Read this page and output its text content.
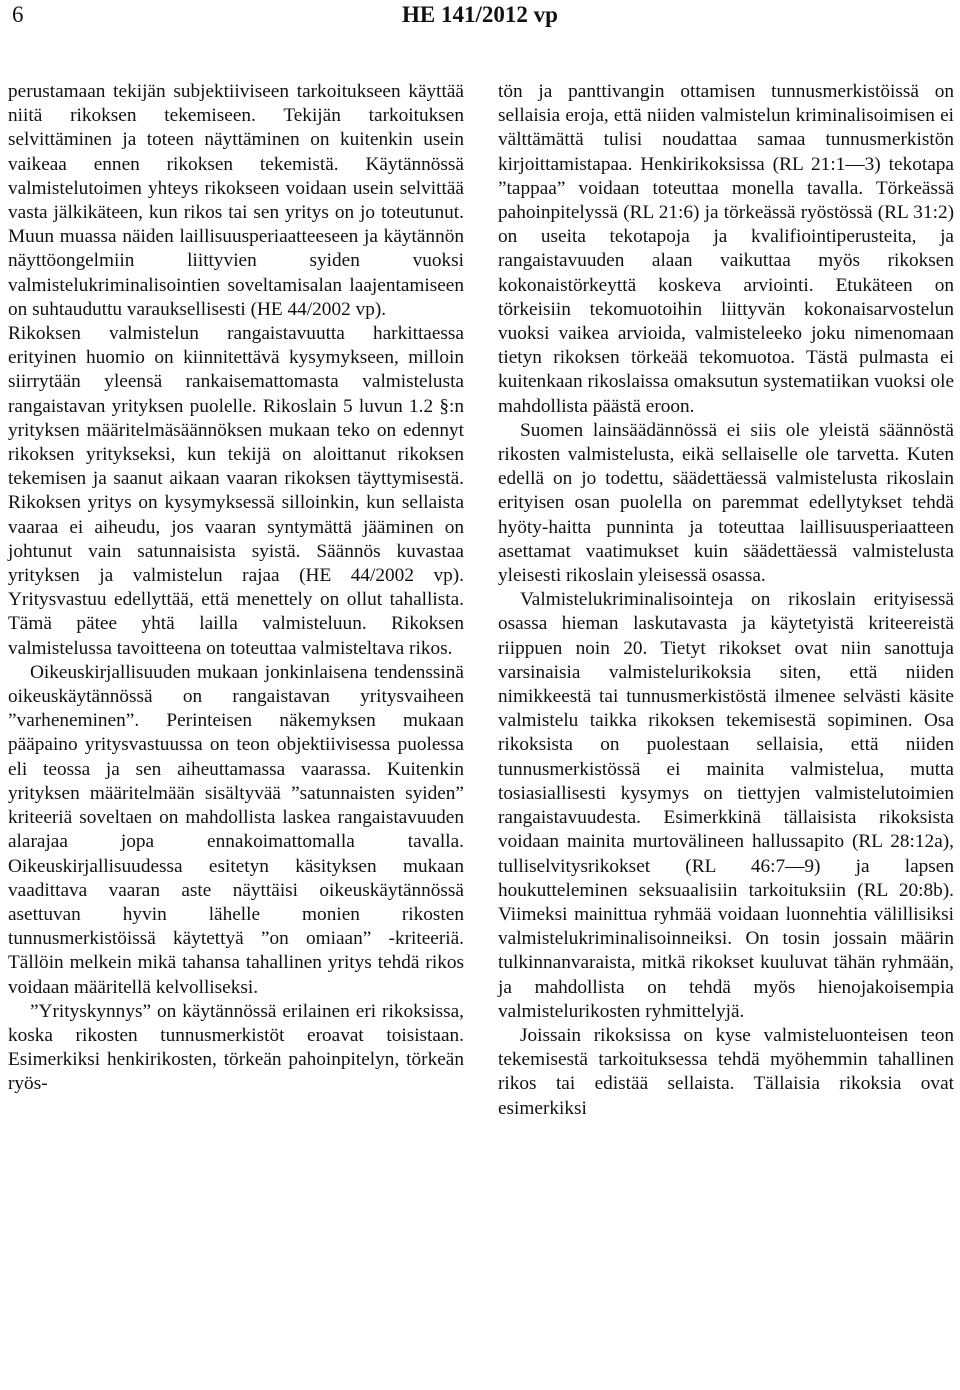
6	HE 141/2012 vp

perustamaan tekijän subjektiiviseen tarkoitukseen käyttää niitä rikoksen tekemiseen. Tekijän tarkoituksen selvittäminen ja toteen näyttäminen on kuitenkin usein vaikeaa ennen rikoksen tekemistä. Käytännössä valmistelutoimen yhteys rikokseen voidaan usein selvittää vasta jälkikäteen, kun rikos tai sen yritys on jo toteutunut. Muun muassa näiden laillisuusperiaatteeseen ja käytännön näyttöongelmiin liittyvien syiden vuoksi valmistelukriminalisointien soveltamisalan laajentamiseen on suhtauduttu varauksellisesti (HE 44/2002 vp).

Rikoksen valmistelun rangaistavuutta harkittaessa erityinen huomio on kiinnitettävä kysymykseen, milloin siirrytään yleensä rankaisemattomasta valmistelusta rangaistavan yrityksen puolelle. Rikoslain 5 luvun 1.2 §:n yrityksen määritelmäsäännöksen mukaan teko on edennyt rikoksen yritykseksi, kun tekijä on aloittanut rikoksen tekemisen ja saanut aikaan vaaran rikoksen täyttymisestä. Rikoksen yritys on kysymyksessä silloinkin, kun sellaista vaaraa ei aiheudu, jos vaaran syntymättä jääminen on johtunut vain satunnaisista syistä. Säännös kuvastaa yrityksen ja valmistelun rajaa (HE 44/2002 vp). Yritysvastuu edellyttää, että menettely on ollut tahallista. Tämä pätee yhtä lailla valmisteluun. Rikoksen valmistelussa tavoitteena on toteuttaa valmisteltava rikos.

Oikeuskirjallisuuden mukaan jonkinlaisena tendenssinä oikeuskäytännössä on rangaistavan yritysvaiheen ”varheneminen”. Perinteisen näkemyksen mukaan pääpaino yritysvastuussa on teon objektiivisessa puolessa eli teossa ja sen aiheuttamassa vaarassa. Kuitenkin yrityksen määritelmään sisältyvää ”satunnaisten syiden” kriteeriä soveltaen on mahdollista laskea rangaistavuuden alarajaa jopa ennakoimattomalla tavalla. Oikeuskirjallisuudessa esitetyn käsityksen mukaan vaadittava vaaran aste näyttäisi oikeuskäytännössä asettuvan hyvin lähelle monien rikosten tunnusmerkistöissä käytettyä ”on omiaan” -kriteeriä. Tällöin melkein mikä tahansa tahallinen yritys tehdä rikos voidaan määritellä kelvolliseksi.

”Yrityskynnys” on käytännössä erilainen eri rikoksissa, koska rikosten tunnusmerkistöt eroavat toisistaan. Esimerkiksi henkirikosten, törkeän pahoinpitelyn, törkeän ryös-

tön ja panttivangin ottamisen tunnusmerkistöissä on sellaisia eroja, että niiden valmistelun kriminalisoimisen ei välttämättä tulisi noudattaa samaa tunnusmerkistön kirjoittamistapaa. Henkirikoksissa (RL 21:1—3) tekotapa ”tappaa” voidaan toteuttaa monella tavalla. Törkeässä pahoinpitelyssä (RL 21:6) ja törkeässä ryöstössä (RL 31:2) on useita tekotapoja ja kvalifiointiperusteita, ja rangaistavuuden alaan vaikuttaa myös rikoksen kokonaistörkeyttä koskeva arviointi. Etukäteen on törkeisiin tekomuotoihin liittyvän kokonaisarvostelun vuoksi vaikea arvioida, valmisteleeko joku nimenomaan tietyn rikoksen törkeää tekomuotoa. Tästä pulmasta ei kuitenkaan rikoslaissa omaksutun systematiikan vuoksi ole mahdollista päästä eroon.

Suomen lainsäädännössä ei siis ole yleistä säännöstä rikosten valmistelusta, eikä sellaiselle ole tarvetta. Kuten edellä on jo todettu, säädettäessä valmistelusta rikoslain erityisen osan puolella on paremmat edellytykset tehdä hyöty-haitta punninta ja toteuttaa laillisuusperiaatteen asettamat vaatimukset kuin säädettäessä valmistelusta yleisesti rikoslain yleisessä osassa.

Valmistelukriminalisointeja on rikoslain erityisessä osassa hieman laskutavasta ja käytetyistä kriteereistä riippuen noin 20. Tietyt rikokset ovat niin sanottuja varsinaisia valmistelurikoksia siten, että niiden nimikkeestä tai tunnusmerkistöstä ilmenee selvästi käsite valmistelu taikka rikoksen tekemisestä sopiminen. Osa rikoksista on puolestaan sellaisia, että niiden tunnusmerkistössä ei mainita valmistelua, mutta tosiasiallisesti kysymys on tiettyjen valmistelutoimien rangaistavuudesta. Esimerkkinä tällaisista rikoksista voidaan mainita murtovälineen hallussapito (RL 28:12a), tulliselvitysrikokset (RL 46:7—9) ja lapsen houkutteleminen seksuaalisiin tarkoituksiin (RL 20:8b). Viimeksi mainittua ryhmää voidaan luonnehtia välillisiksi valmistelukriminalisoinneiksi. On tosin jossain määrin tulkinnanvaraista, mitkä rikokset kuuluvat tähän ryhmään, ja mahdollista on tehdä myös hienojakoisempia valmistelurikosten ryhmittelyjä.

Joissain rikoksissa on kyse valmisteluonteisen teon tekemisestä tarkoituksessa tehdä myöhemmin tahallinen rikos tai edistää sellaista. Tällaisia rikoksia ovat esimerkiksi
